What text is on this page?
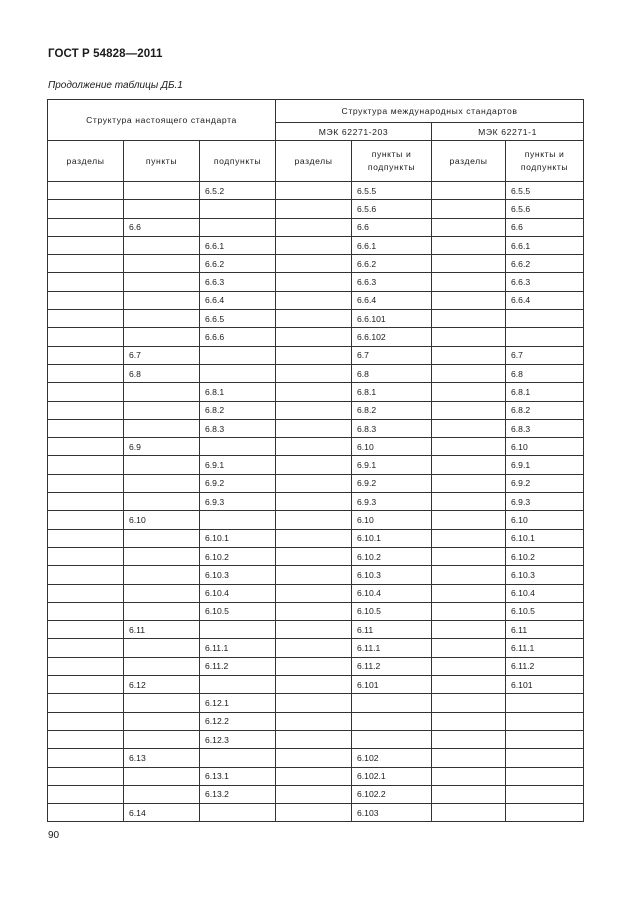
ГОСТ Р 54828—2011
Продолжение таблицы ДБ.1
Структура настоящего стандарта			Структура международных стандартов			
			МЭК 62271-203		МЭК 62271-1	
разделы	пункты	подпункты	разделы	пункты и подпункты	разделы	пункты и подпункты
		6.5.2		6.5.5		6.5.5
				6.5.6		6.5.6
	6.6			6.6		6.6
		6.6.1		6.6.1		6.6.1
		6.6.2		6.6.2		6.6.2
		6.6.3		6.6.3		6.6.3
		6.6.4		6.6.4		6.6.4
		6.6.5		6.6.101		
		6.6.6		6.6.102		
	6.7			6.7		6.7
	6.8			6.8		6.8
		6.8.1		6.8.1		6.8.1
		6.8.2		6.8.2		6.8.2
		6.8.3		6.8.3		6.8.3
	6.9			6.10		6.10
		6.9.1		6.9.1		6.9.1
		6.9.2		6.9.2		6.9.2
		6.9.3		6.9.3		6.9.3
	6.10			6.10		6.10
		6.10.1		6.10.1		6.10.1
		6.10.2		6.10.2		6.10.2
		6.10.3		6.10.3		6.10.3
		6.10.4		6.10.4		6.10.4
		6.10.5		6.10.5		6.10.5
	6.11			6.11		6.11
		6.11.1		6.11.1		6.11.1
		6.11.2		6.11.2		6.11.2
	6.12			6.101		6.101
		6.12.1				
		6.12.2				
		6.12.3				
	6.13			6.102		
		6.13.1		6.102.1		
		6.13.2		6.102.2		
	6.14			6.103		
90
